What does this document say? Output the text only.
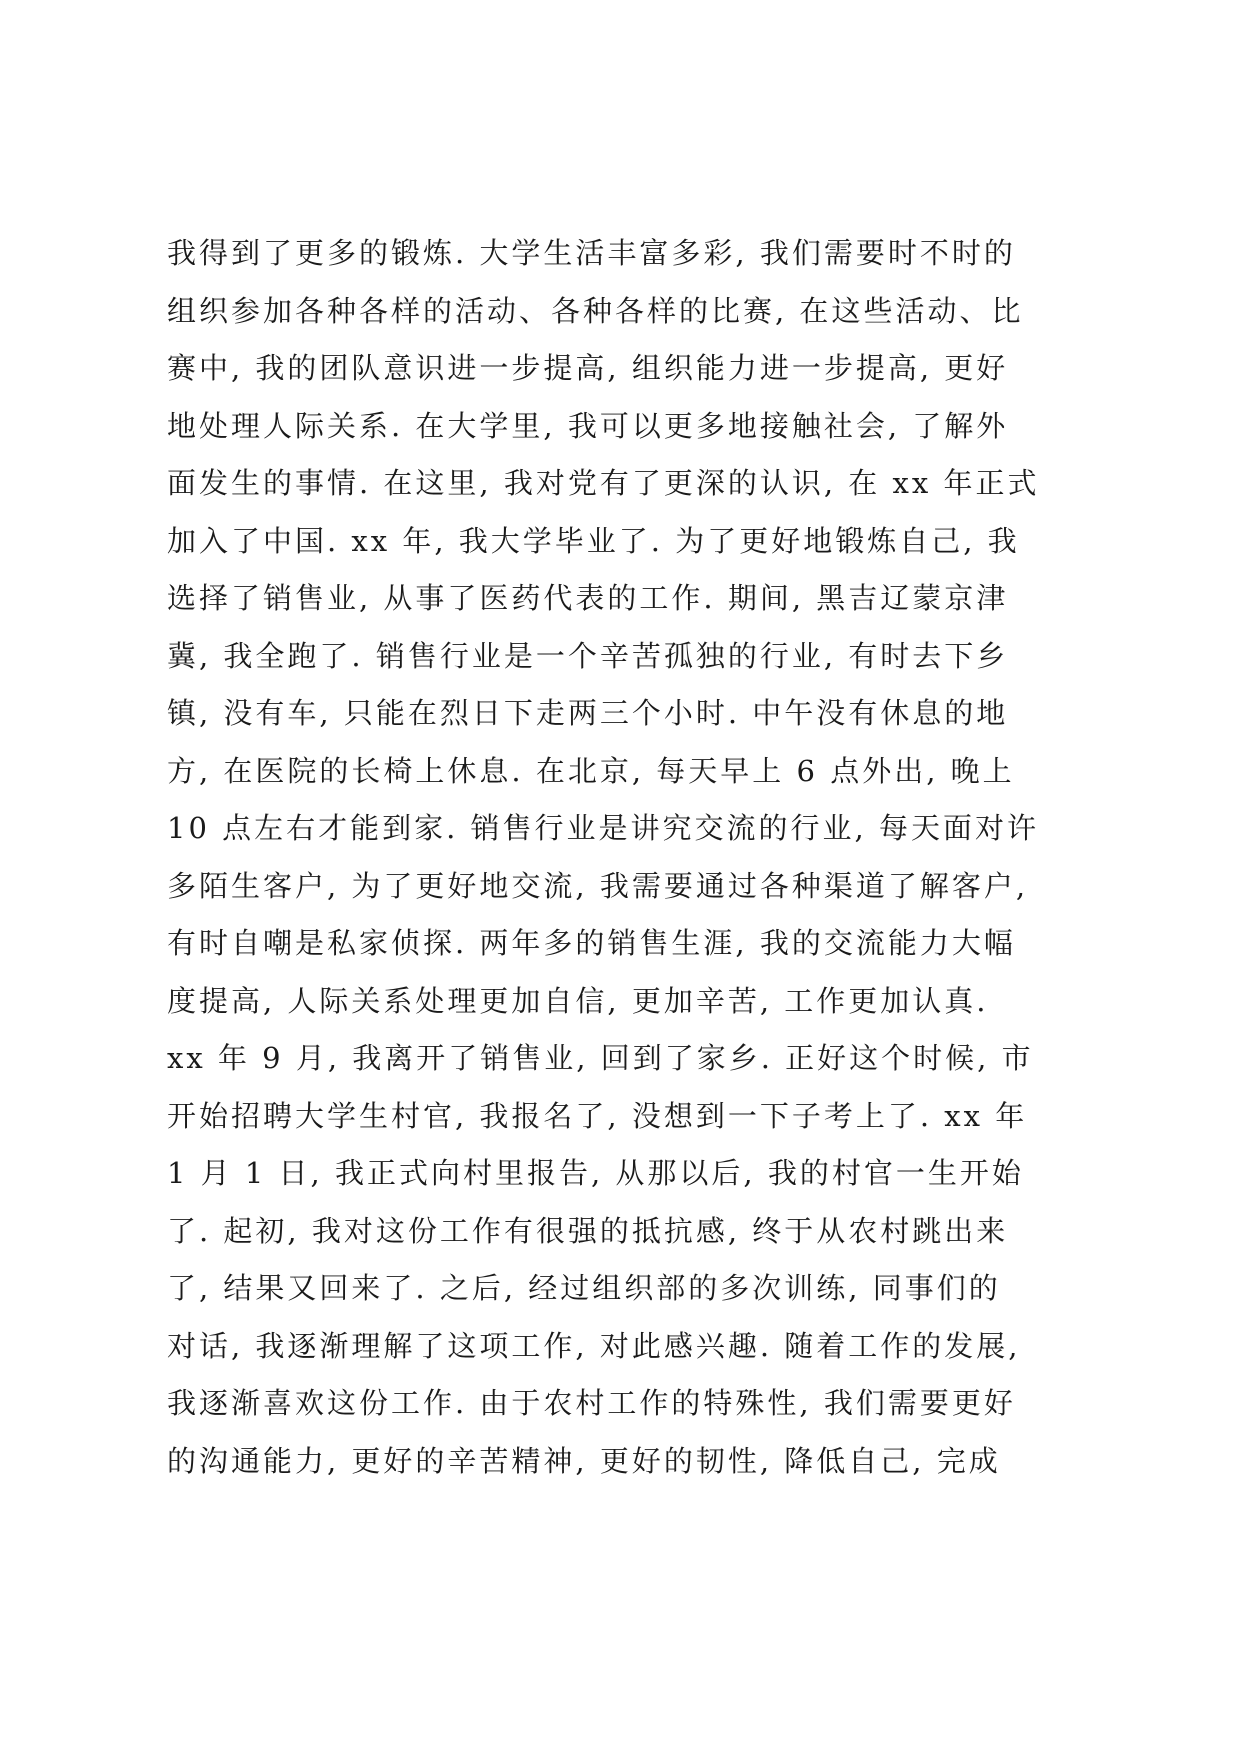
我得到了更多的锻炼. 大学生活丰富多彩, 我们需要时不时的
组织参加各种各样的活动、各种各样的比赛, 在这些活动、比
赛中, 我的团队意识进一步提高, 组织能力进一步提高, 更好
地处理人际关系. 在大学里, 我可以更多地接触社会, 了解外
面发生的事情. 在这里, 我对党有了更深的认识, 在 xx 年正式
加入了中国. xx 年, 我大学毕业了. 为了更好地锻炼自己, 我
选择了销售业, 从事了医药代表的工作. 期间, 黑吉辽蒙京津
冀, 我全跑了. 销售行业是一个辛苦孤独的行业, 有时去下乡
镇, 没有车, 只能在烈日下走两三个小时. 中午没有休息的地
方, 在医院的长椅上休息. 在北京, 每天早上 6 点外出, 晚上
10 点左右才能到家. 销售行业是讲究交流的行业, 每天面对许
多陌生客户, 为了更好地交流, 我需要通过各种渠道了解客户,
有时自嘲是私家侦探. 两年多的销售生涯, 我的交流能力大幅
度提高, 人际关系处理更加自信, 更加辛苦, 工作更加认真.
xx 年 9 月, 我离开了销售业, 回到了家乡. 正好这个时候, 市
开始招聘大学生村官, 我报名了, 没想到一下子考上了. xx 年
1 月 1 日, 我正式向村里报告, 从那以后, 我的村官一生开始
了. 起初, 我对这份工作有很强的抵抗感, 终于从农村跳出来
了, 结果又回来了. 之后, 经过组织部的多次训练, 同事们的
对话, 我逐渐理解了这项工作, 对此感兴趣. 随着工作的发展,
我逐渐喜欢这份工作. 由于农村工作的特殊性, 我们需要更好
的沟通能力, 更好的辛苦精神, 更好的韧性, 降低自己, 完成
